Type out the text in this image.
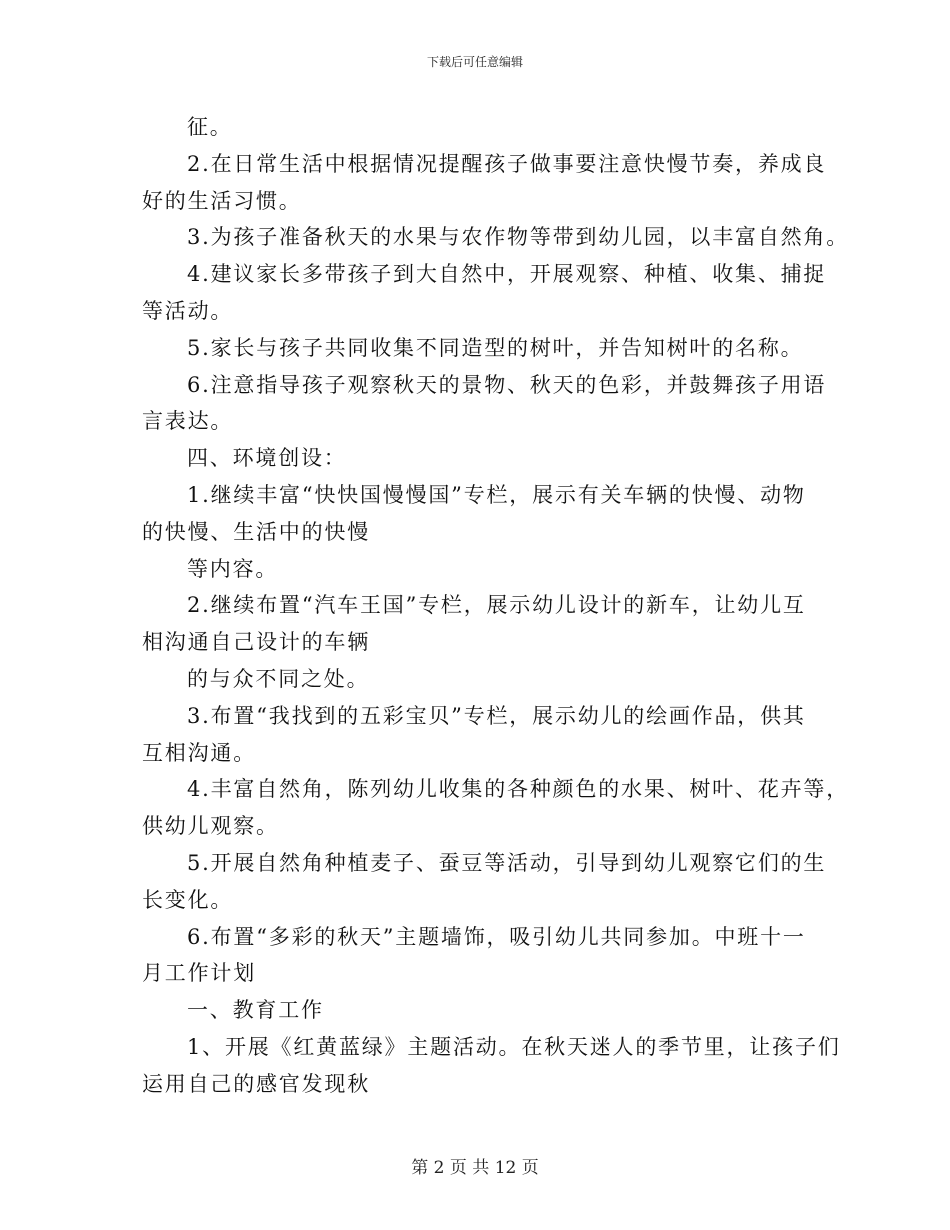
下载后可任意编辑
征。
2.在日常生活中根据情况提醒孩子做事要注意快慢节奏，养成良
好的生活习惯。
3.为孩子准备秋天的水果与农作物等带到幼儿园，以丰富自然角。
4.建议家长多带孩子到大自然中，开展观察、种植、收集、捕捉
等活动。
5.家长与孩子共同收集不同造型的树叶，并告知树叶的名称。
6.注意指导孩子观察秋天的景物、秋天的色彩，并鼓舞孩子用语
言表达。
四、环境创设：
1.继续丰富“快快国慢慢国”专栏，展示有关车辆的快慢、动物
的快慢、生活中的快慢
等内容。
2.继续布置“汽车王国”专栏，展示幼儿设计的新车，让幼儿互
相沟通自己设计的车辆
的与众不同之处。
3.布置“我找到的五彩宝贝”专栏，展示幼儿的绘画作品，供其
互相沟通。
4.丰富自然角，陈列幼儿收集的各种颜色的水果、树叶、花卉等，
供幼儿观察。
5.开展自然角种植麦子、蚕豆等活动，引导到幼儿观察它们的生
长变化。
6.布置“多彩的秋天”主题墙饰，吸引幼儿共同参加。中班十一
月工作计划
一、教育工作
1、开展《红黄蓝绿》主题活动。在秋天迷人的季节里，让孩子们
运用自己的感官发现秋
第 2 页 共 12 页
